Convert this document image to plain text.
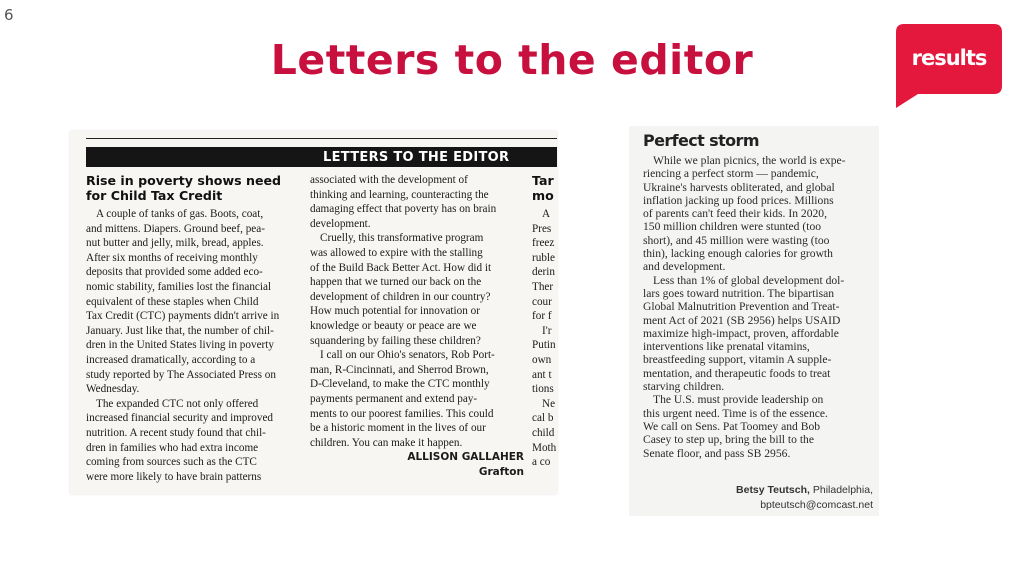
6
Letters to the editor	results
LETTERS TO THE EDITOR
Rise in poverty shows need
for Child Tax Credit

A couple of tanks of gas. Boots, coat,

and mittens. Diapers. Ground beef, pea-

nut butter and jelly, milk, bread, apples.

After six months of receiving monthly

deposits that provided some added eco-

nomic stability, families lost the financial

equivalent of these staples when Child

Tax Credit (CTC) payments didn't arrive in

January. Just like that, the number of chil-

dren in the United States living in poverty

increased dramatically, according to a

study reported by The Associated Press on

Wednesday.

The expanded CTC not only offered

increased financial security and improved

nutrition. A recent study found that chil-

dren in families who had extra income

coming from sources such as the CTC

were more likely to have brain patterns

associated with the development of

thinking and learning, counteracting the

damaging effect that poverty has on brain

development.

Cruelly, this transformative program

was allowed to expire with the stalling

of the Build Back Better Act. How did it

happen that we turned our back on the

development of children in our country?

How much potential for innovation or

knowledge or beauty or peace are we

squandering by failing these children?

I call on our Ohio's senators, Rob Port-

man, R-Cincinnati, and Sherrod Brown,

D-Cleveland, to make the CTC monthly

payments permanent and extend pay-

ments to our poorest families. This could

be a historic moment in the lives of our

children. You can make it happen.

ALLISON GALLAHER

Grafton

Tar
mo

A

Pres

freez

ruble

derin

Ther

cour

for f

I'r

Putin

own

ant t

tions

Ne

cal b

child

Moth

a co

Perfect storm

While we plan picnics, the world is expe-

riencing a perfect storm — pandemic,

Ukraine's harvests obliterated, and global

inflation jacking up food prices. Millions

of parents can't feed their kids. In 2020,

150 million children were stunted (too

short), and 45 million were wasting (too

thin), lacking enough calories for growth

and development.

Less than 1% of global development dol-

lars goes toward nutrition. The bipartisan

Global Malnutrition Prevention and Treat-

ment Act of 2021 (SB 2956) helps USAID

maximize high-impact, proven, affordable

interventions like prenatal vitamins,

breastfeeding support, vitamin A supple-

mentation, and therapeutic foods to treat

starving children.

The U.S. must provide leadership on

this urgent need. Time is of the essence.

We call on Sens. Pat Toomey and Bob

Casey to step up, bring the bill to the

Senate floor, and pass SB 2956.

Betsy Teutsch, Philadelphia,
bpteutsch@comcast.net
